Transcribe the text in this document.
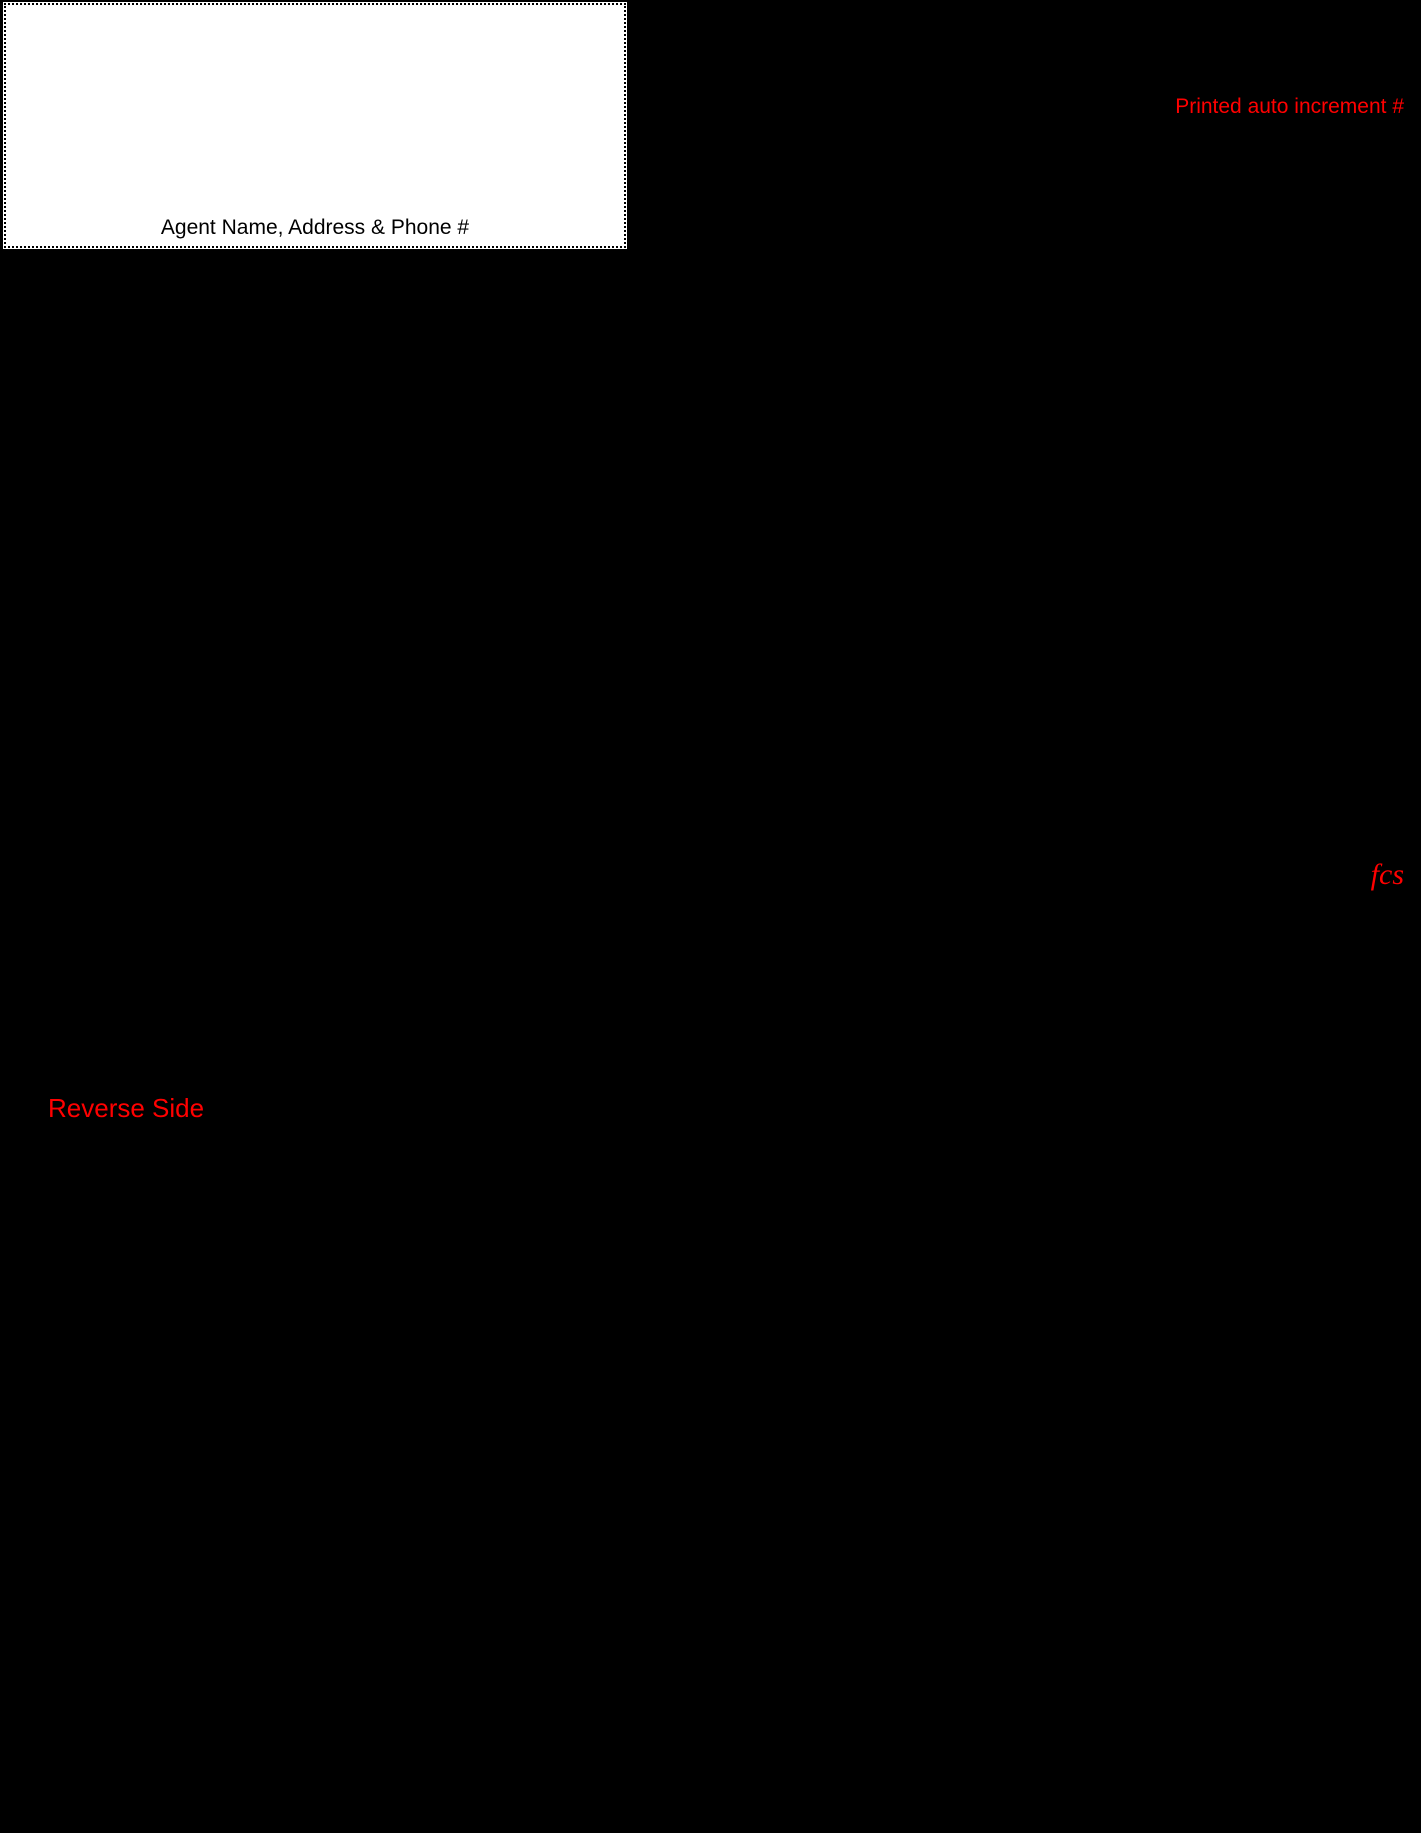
Agent Name, Address & Phone #
Printed auto increment #
fcs
Reverse Side
